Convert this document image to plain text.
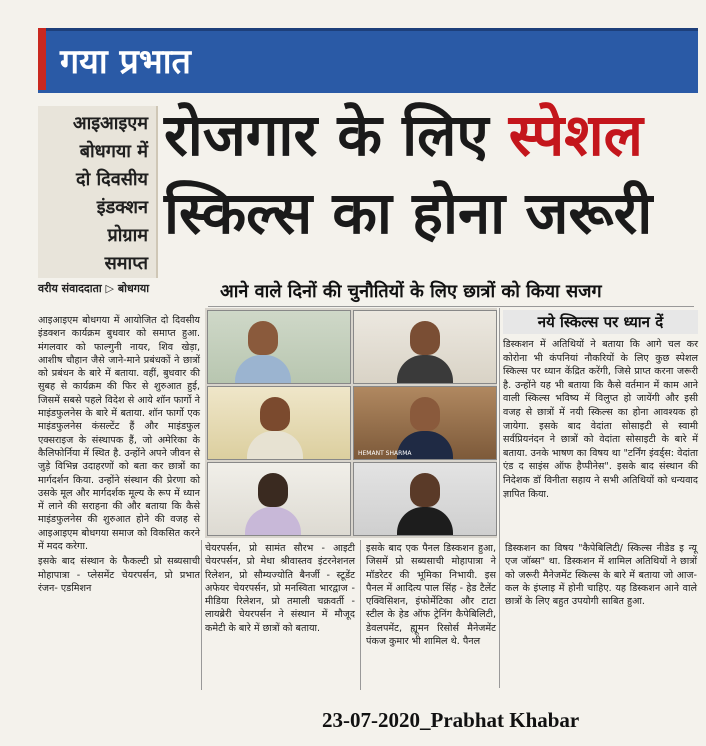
गया प्रभात
आइआइएम
बोधगया में
दो दिवसीय
इंडक्शन
प्रोग्राम
समाप्त
रोजगार के लिए स्पेशल
स्किल्स का होना जरूरी
वरीय संवाददाता ▷ बोधगया	आने वाले दिनों की चुनौतियों के लिए छात्रों को किया सजग

आइआइएम बोधगया में आयोजित दो दिवसीय इंडक्शन कार्यक्रम बुधवार को समाप्त हुआ. मंगलवार को फाल्गुनी नायर, शिव खेड़ा, आशीष चौहान जैसे जाने-माने प्रबंधकों ने छात्रों को प्रबंधन के बारे में बताया. वहीं, बुधवार की सुबह से कार्यक्रम की फिर से शुरुआत हुई, जिसमें सबसे पहले विदेश से आये शॉन फार्गो ने माइंडफुलनेस के बारे में बताया. शॉन फार्गो एक माइंडफुलनेस कंसल्टेंट हैं और माइंडफुल एक्सराइज के संस्थापक हैं, जो अमेरिका के कैलिफोर्निया में स्थित है. उन्होंने अपने जीवन से जुड़े विभिन्न उदाहरणों को बता कर छात्रों का मार्गदर्शन किया. उन्होंने संस्थान की प्रेरणा को उसके मूल और मार्गदर्शक मूल्य के रूप में ध्यान में लाने की सराहना की और बताया कि कैसे माइंडफुलनेस की शुरुआत होने की वजह से आइआइएम बोधगया समाज को विकसित करने में मदद करेगा.

इसके बाद संस्थान के फैकल्टी प्रो सब्यसाची मोहापात्रा - प्लेसमेंट चेयरपर्सन, प्रो प्रभात रंजन- एडमिशन

HEMANT SHARMA
नये स्किल्स पर ध्यान दें
डिस्कशन में अतिथियों ने बताया कि आगे चल कर कोरोना भी कंपनियां नौकरियों के लिए कुछ स्पेशल स्किल्स पर ध्यान केंद्रित करेंगी, जिसे प्राप्त करना जरूरी है. उन्होंने यह भी बताया कि कैसे वर्तमान में काम आने वाली स्किल्स भविष्य में विलुप्त हो जायेंगी और इसी वजह से छात्रों में नयी स्किल्स का होना आवश्यक हो जायेगा. इसके बाद वेदांता सोसाइटी से स्वामी सर्वप्रियनंदन ने छात्रों को वेदांता सोसाइटी के बारे में बताया. उनके भाषण का विषय था "टर्निंग इंवर्ड्स: वेदांता एंड द साइंस ऑफ हैप्पीनेस". इसके बाद संस्थान की निदेशक डॉ विनीता सहाय ने सभी अतिथियों को धन्यवाद ज्ञापित किया.
चेयरपर्सन, प्रो सामंत सौरभ - आइटी चेयरपर्सन, प्रो मेधा श्रीवास्तव इंटरनेशनल रिलेशन, प्रो सौम्यज्योति बैनर्जी - स्टूडेंट अफेयर चेयरपर्सन, प्रो मनस्विता भारद्वाज - मीडिया रिलेशन, प्रो तमाली चक्रवर्ती - लायब्रेरी चेयरपर्सन ने संस्थान में मौजूद कमेटी के बारे में छात्रों को बताया.
इसके बाद एक पैनल डिस्कशन हुआ, जिसमें प्रो सब्यसाची मोहापात्रा ने मॉडरेटर की भूमिका निभायी. इस पैनल में आदित्य पाल सिंह - हेड टैलेंट एक्विसिशन, इंफोर्मेटिका और टाटा स्टील के हेड ऑफ ट्रेनिंग कैपेबिलिटी, डेवलपमेंट, ह्यूमन रिसोर्स मैनेजमेंट पंकज कुमार भी शामिल थे. पैनल
डिस्कशन का विषय "कैपेबिलिटी/ स्किल्स नीडेड इ न्यू एज जॉब्स" था. डिस्कशन में शामिल अतिथियों ने छात्रों को जरूरी मैनेजमेंट स्किल्स के बारे में बताया जो आज-कल के इंप्लाइ में होनी चाहिए. यह डिस्कशन आने वाले छात्रों के लिए बहुत उपयोगी साबित हुआ.
23-07-2020_Prabhat Khabar
